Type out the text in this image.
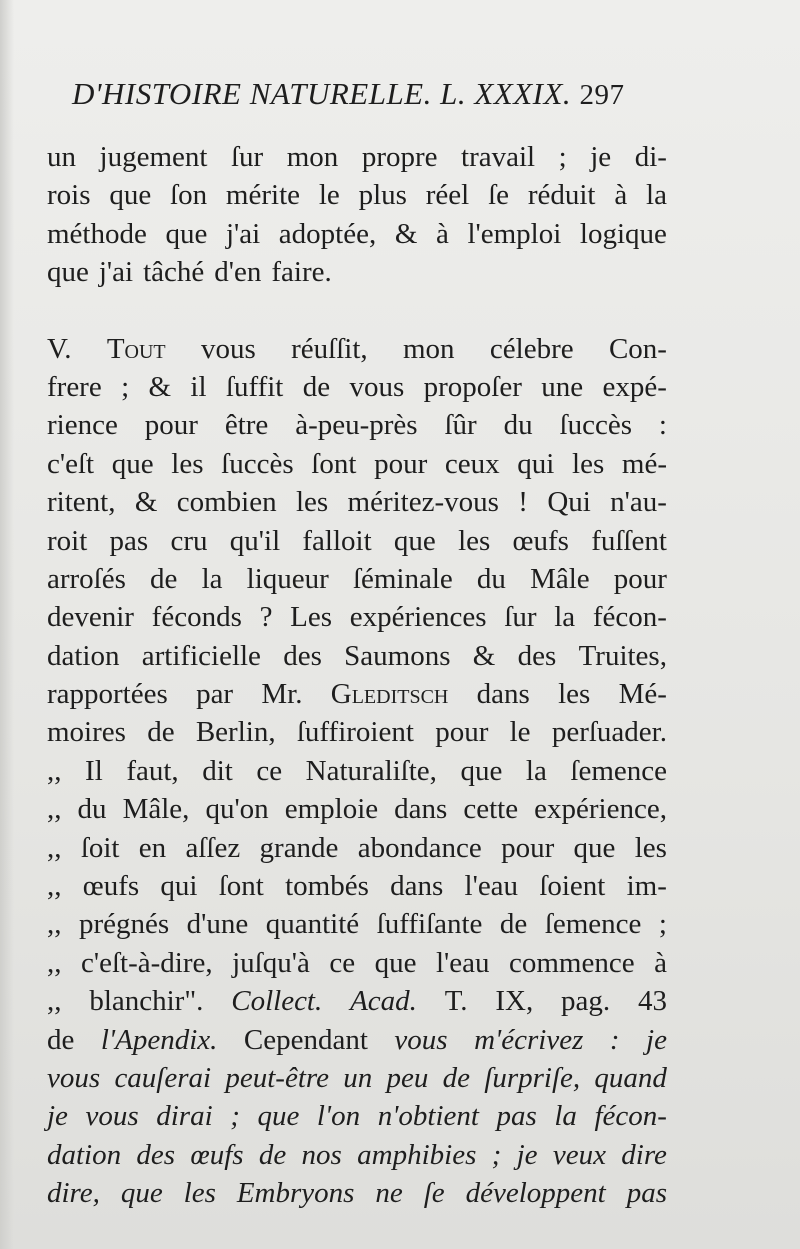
D'HISTOIRE NATURELLE. L. XXXIX. 297
un jugement ſur mon propre travail ; je di-
rois que ſon mérite le plus réel ſe réduit à la
méthode que j'ai adoptée, & à l'emploi logique
que j'ai tâché d'en faire.
V. Tout vous réuſſit, mon célebre Con-
frere ; & il ſuffit de vous propoſer une expé-
rience pour être à-peu-près ſûr du ſuccès :
c'eſt que les ſuccès ſont pour ceux qui les mé-
ritent, & combien les méritez-vous ! Qui n'au-
roit pas cru qu'il falloit que les œufs fuſſent
arroſés de la liqueur ſéminale du Mâle pour
devenir féconds ? Les expériences ſur la fécon-
dation artificielle des Saumons & des Truites,
rapportées par Mr. Gleditsch dans les Mé-
moires de Berlin, ſuffiroient pour le perſuader.
,, Il faut, dit ce Naturaliſte, que la ſemence
,, du Mâle, qu'on emploie dans cette expérience,
,, ſoit en aſſez grande abondance pour que les
,, œufs qui ſont tombés dans l'eau ſoient im-
,, prégnés d'une quantité ſuffiſante de ſemence ;
,, c'eſt-à-dire, juſqu'à ce que l'eau commence à
,, blanchir". Collect. Acad. T. IX, pag. 43
de l'Apendix. Cependant vous m'écrivez : je
vous cauſerai peut-être un peu de ſurpriſe, quand
je vous dirai ; que l'on n'obtient pas la fécon-
dation des œufs de nos amphibies ; je veux dire
dire, que les Embryons ne ſe développent pas
